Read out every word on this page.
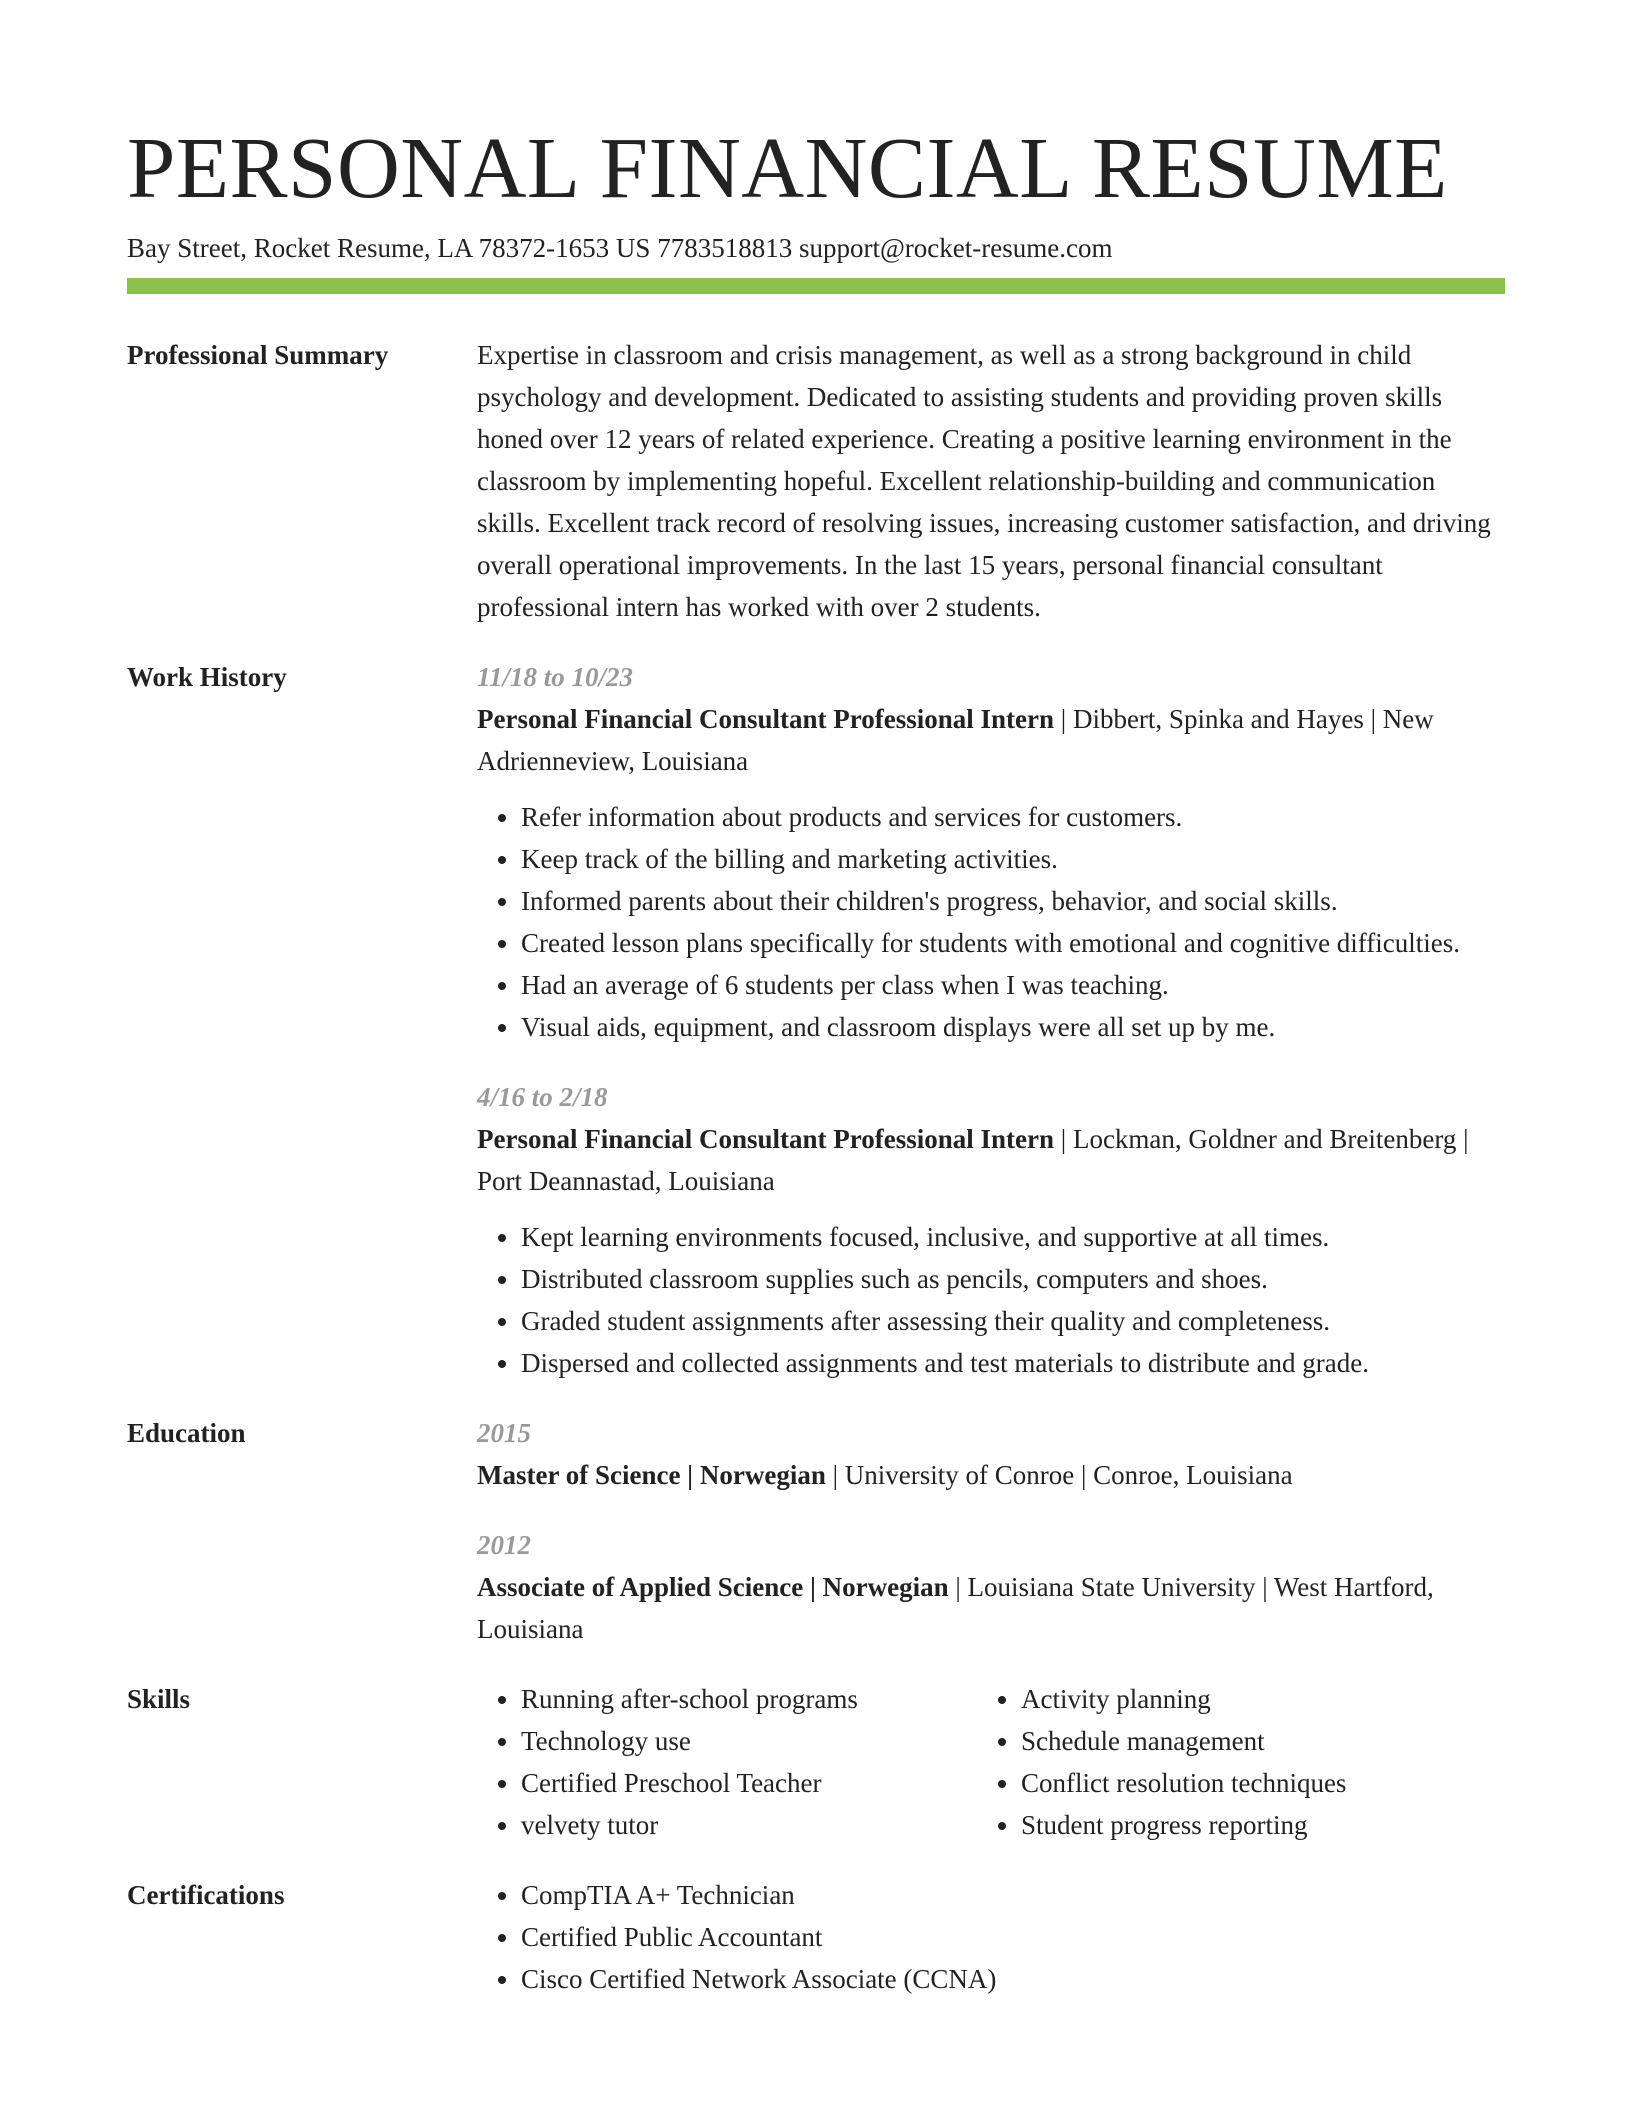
PERSONAL FINANCIAL RESUME
Bay Street, Rocket Resume, LA 78372-1653 US 7783518813 support@rocket-resume.com
Professional Summary	Expertise in classroom and crisis management, as well as a strong background in child psychology and development. Dedicated to assisting students and providing proven skills honed over 12 years of related experience. Creating a positive learning environment in the classroom by implementing hopeful. Excellent relationship-building and communication skills. Excellent track record of resolving issues, increasing customer satisfaction, and driving overall operational improvements. In the last 15 years, personal financial consultant professional intern has worked with over 2 students.

Work History	11/18 to 10/23

Personal Financial Consultant Professional Intern | Dibbert, Spinka and Hayes | New Adrienneview, Louisiana

• Refer information about products and services for customers.
• Keep track of the billing and marketing activities.
• Informed parents about their children's progress, behavior, and social skills.
• Created lesson plans specifically for students with emotional and cognitive difficulties.
• Had an average of 6 students per class when I was teaching.
• Visual aids, equipment, and classroom displays were all set up by me.
4/16 to 2/18

Personal Financial Consultant Professional Intern | Lockman, Goldner and Breitenberg | Port Deannastad, Louisiana

• Kept learning environments focused, inclusive, and supportive at all times.
• Distributed classroom supplies such as pencils, computers and shoes.
• Graded student assignments after assessing their quality and completeness.
• Dispersed and collected assignments and test materials to distribute and grade.
Education	2015

Master of Science | Norwegian | University of Conroe | Conroe, Louisiana

2012

Associate of Applied Science | Norwegian | Louisiana State University | West Hartford, Louisiana

Skills	• Running after-school programs
• Technology use
• Certified Preschool Teacher
• velvety tutor
• Activity planning
• Schedule management
• Conflict resolution techniques
• Student progress reporting
Certifications	• CompTIA A+ Technician
• Certified Public Accountant
• Cisco Certified Network Associate (CCNA)
